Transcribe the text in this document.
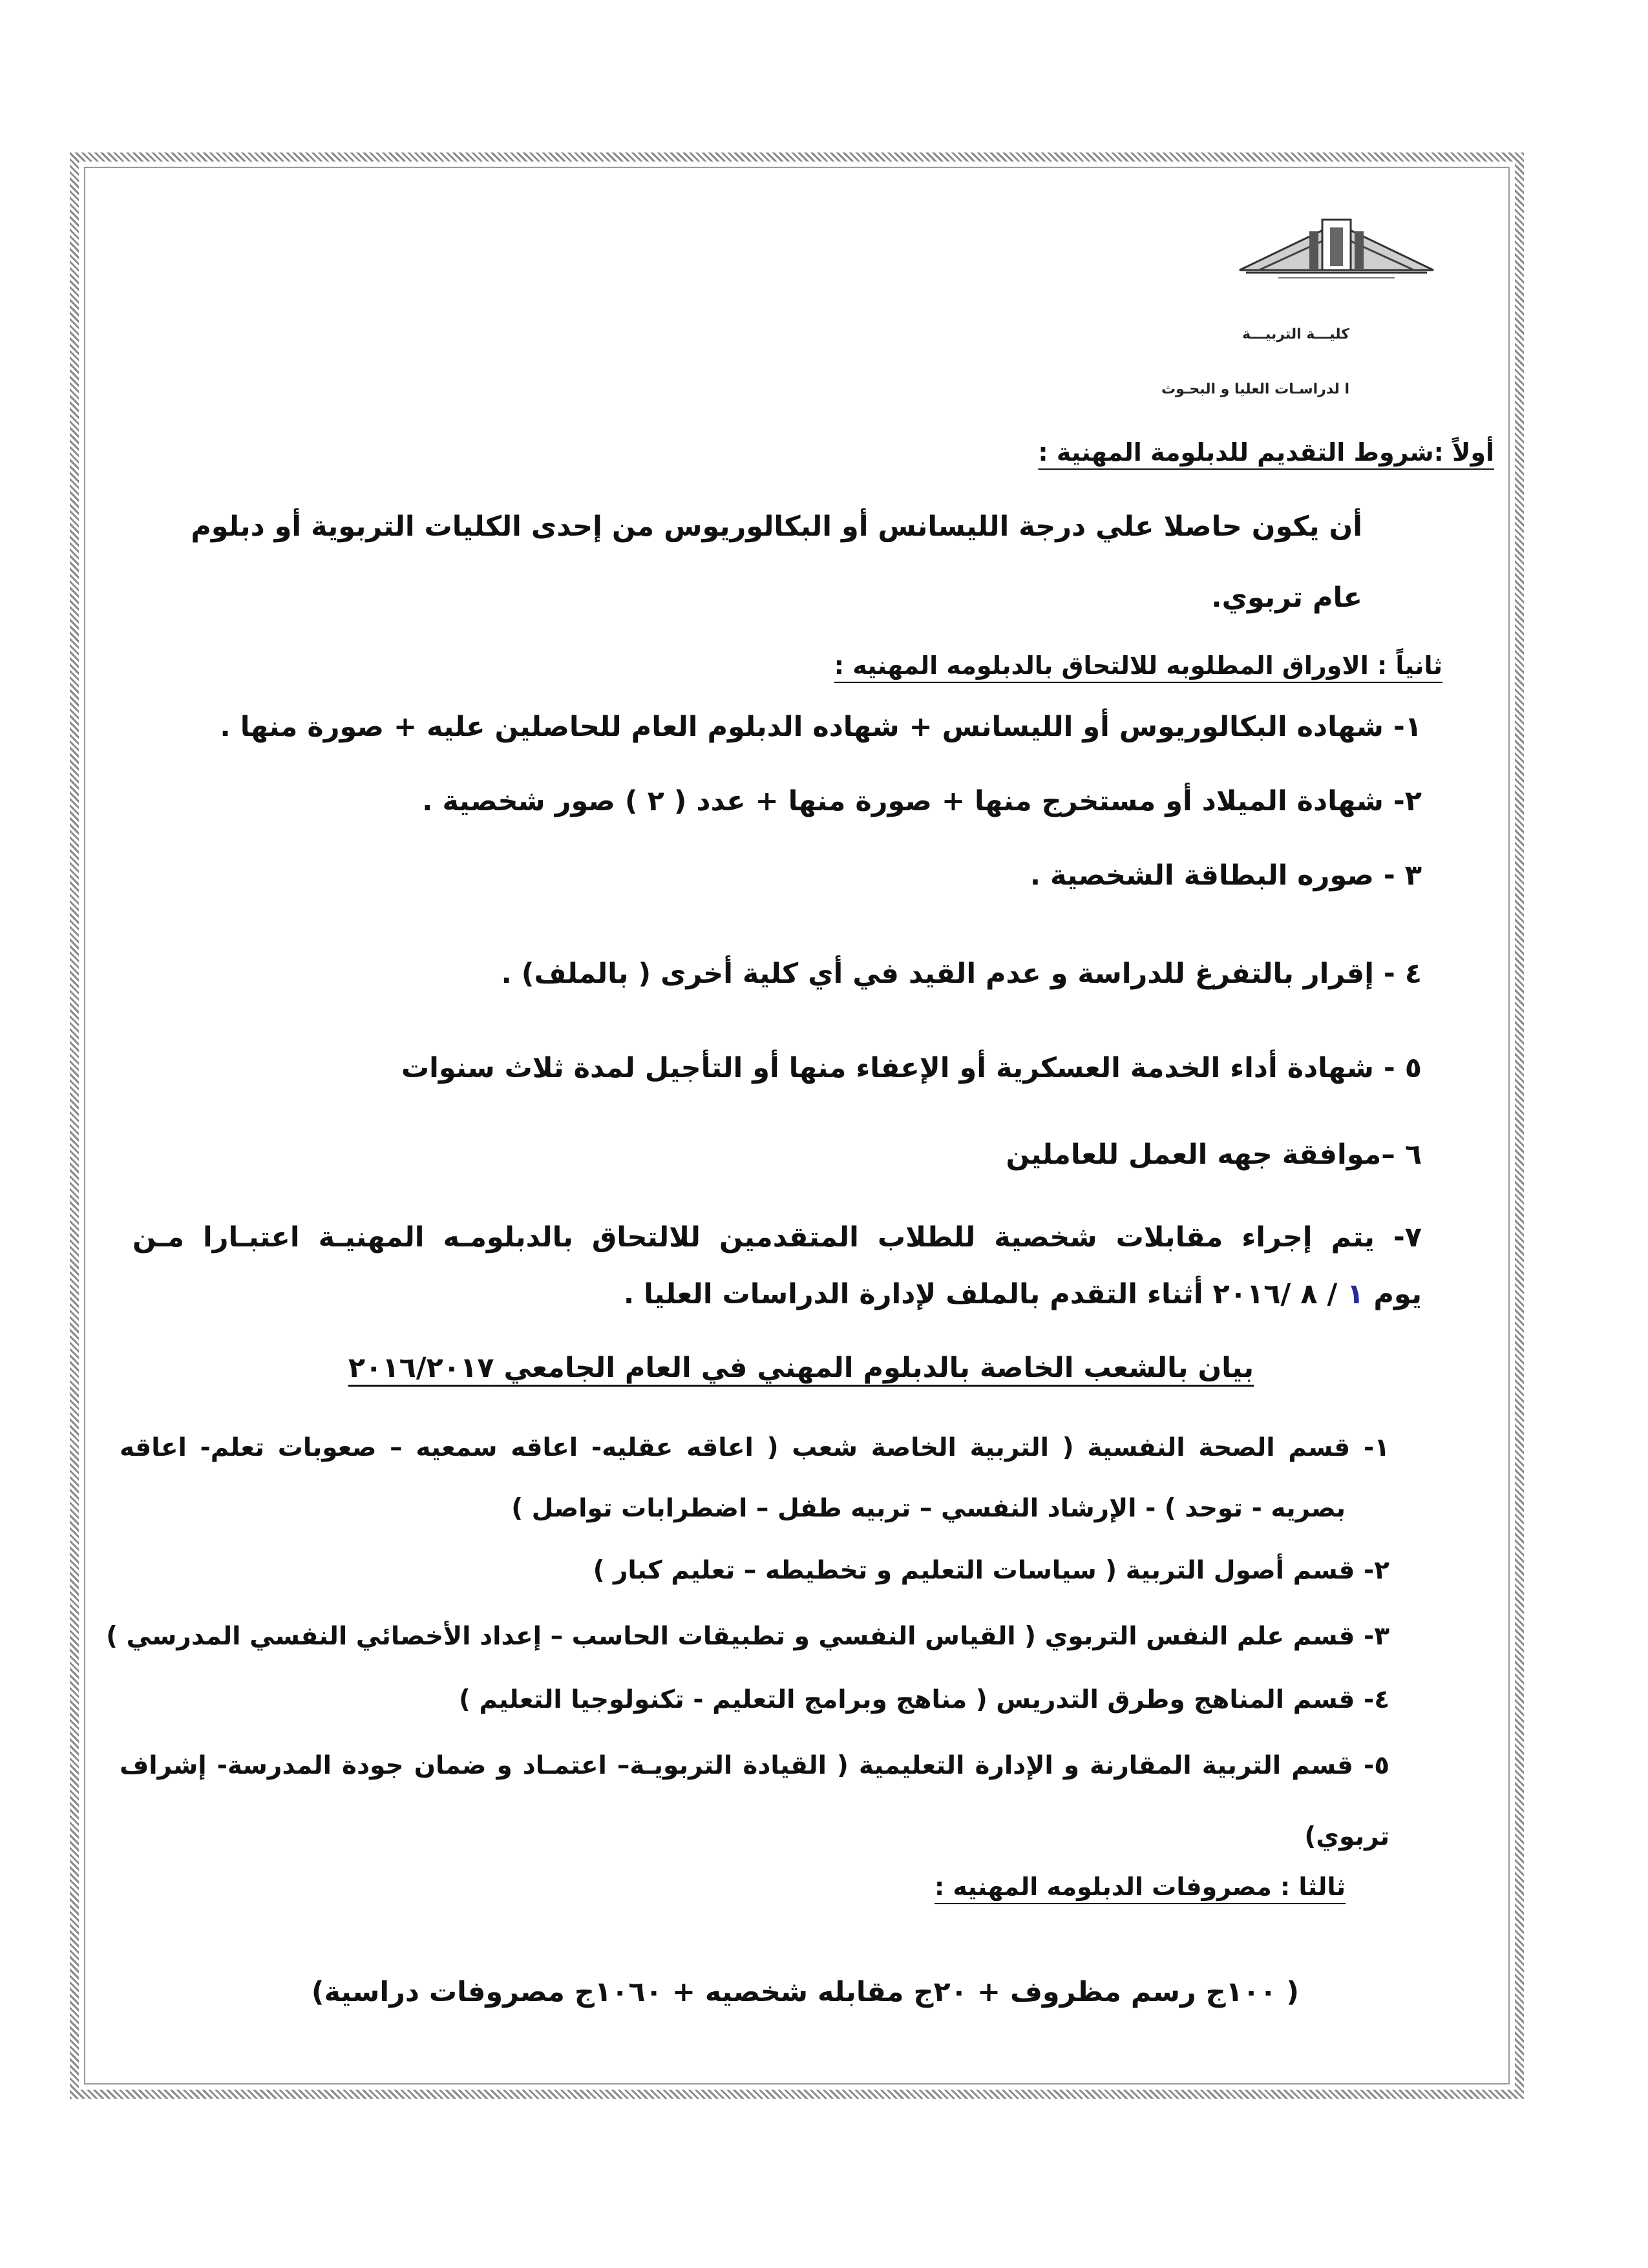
كليـــة التربيـــة
ا لدراسـات العليا و البحـوث
أولاً :شروط التقديم للدبلومة المهنية :
أن يكون حاصلا علي درجة الليسانس أو البكالوريوس من إحدى الكليات التربوية أو دبلوم
عام تربوي.
ثانياً : الاوراق المطلوبه للالتحاق بالدبلومه المهنيه :
١- شهاده البكالوريوس أو الليسانس + شهاده الدبلوم العام للحاصلين عليه + صورة منها .
٢- شهادة الميلاد أو مستخرج منها + صورة منها + عدد ( ٢ ) صور شخصية .
٣ - صوره البطاقة الشخصية .
٤ - إقرار بالتفرغ للدراسة و عدم القيد في أي كلية أخرى ( بالملف) .
٥ - شهادة أداء الخدمة العسكرية أو الإعفاء منها أو التأجيل لمدة ثلاث سنوات
٦ –موافقة جهه العمل للعاملين
٧- يتم إجراء مقابلات شخصية للطلاب المتقدمين للالتحاق بالدبلومـه المهنيـة اعتبـارا مـن
يوم ١ / ٨ /٢٠١٦ أثناء التقدم بالملف لإدارة الدراسات العليا .
بيان بالشعب الخاصة بالدبلوم المهني في العام الجامعي ٢٠١٦/٢٠١٧
١- قسم الصحة النفسية ( التربية الخاصة شعب ( اعاقه عقليه- اعاقه سمعيه – صعوبات تعلم- اعاقه
بصريه - توحد ) - الإرشاد النفسي – تربيه طفل – اضطرابات تواصل )
٢- قسم أصول التربية ( سياسات التعليم و تخطيطه – تعليم كبار )
٣- قسم علم النفس التربوي ( القياس النفسي و تطبيقات الحاسب – إعداد الأخصائي النفسي المدرسي )
٤- قسم المناهج وطرق التدريس ( مناهج وبرامج التعليم - تكنولوجيا التعليم )
٥- قسم التربية المقارنة و الإدارة التعليمية ( القيادة التربويـة– اعتمـاد و ضمان جودة المدرسة- إشراف
تربوي)
ثالثا : مصروفات الدبلومه المهنيه :
( ١٠٠ج رسم مظروف + ٢٠ج مقابله شخصيه + ١٠٦٠ج مصروفات دراسية)
